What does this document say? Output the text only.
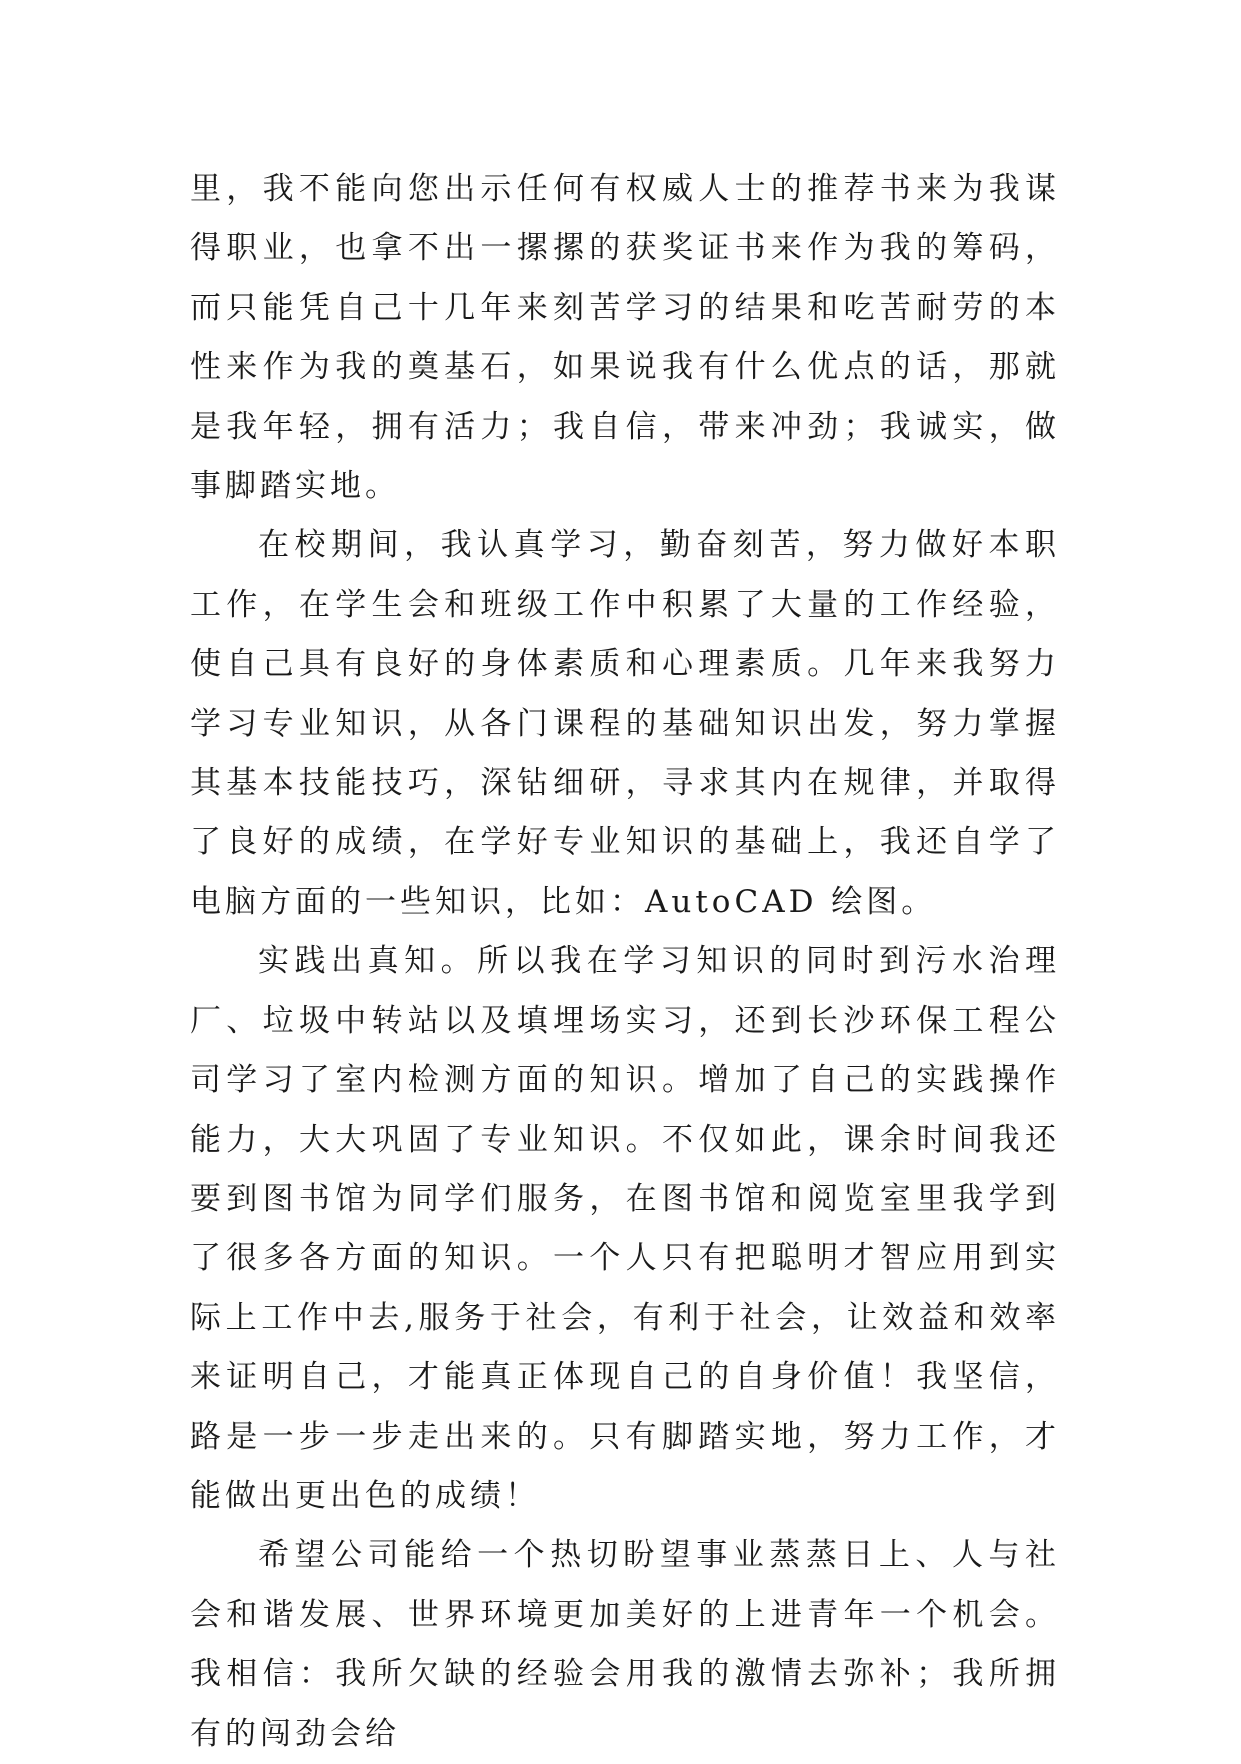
里，我不能向您出示任何有权威人士的推荐书来为我谋得职业，也拿不出一摞摞的获奖证书来作为我的筹码，而只能凭自己十几年来刻苦学习的结果和吃苦耐劳的本性来作为我的奠基石，如果说我有什么优点的话，那就是我年轻，拥有活力；我自信，带来冲劲；我诚实，做事脚踏实地。

在校期间，我认真学习，勤奋刻苦，努力做好本职工作，在学生会和班级工作中积累了大量的工作经验，使自己具有良好的身体素质和心理素质。几年来我努力学习专业知识，从各门课程的基础知识出发，努力掌握其基本技能技巧，深钻细研，寻求其内在规律，并取得了良好的成绩，在学好专业知识的基础上，我还自学了电脑方面的一些知识，比如：AutoCAD 绘图。

实践出真知。所以我在学习知识的同时到污水治理厂、垃圾中转站以及填埋场实习，还到长沙环保工程公司学习了室内检测方面的知识。增加了自己的实践操作能力，大大巩固了专业知识。不仅如此，课余时间我还要到图书馆为同学们服务，在图书馆和阅览室里我学到了很多各方面的知识。一个人只有把聪明才智应用到实际上工作中去,服务于社会，有利于社会，让效益和效率来证明自己，才能真正体现自己的自身价值！我坚信，路是一步一步走出来的。只有脚踏实地，努力工作，才能做出更出色的成绩！

希望公司能给一个热切盼望事业蒸蒸日上、人与社会和谐发展、世界环境更加美好的上进青年一个机会。我相信：我所欠缺的经验会用我的激情去弥补；我所拥有的闯劲会给
